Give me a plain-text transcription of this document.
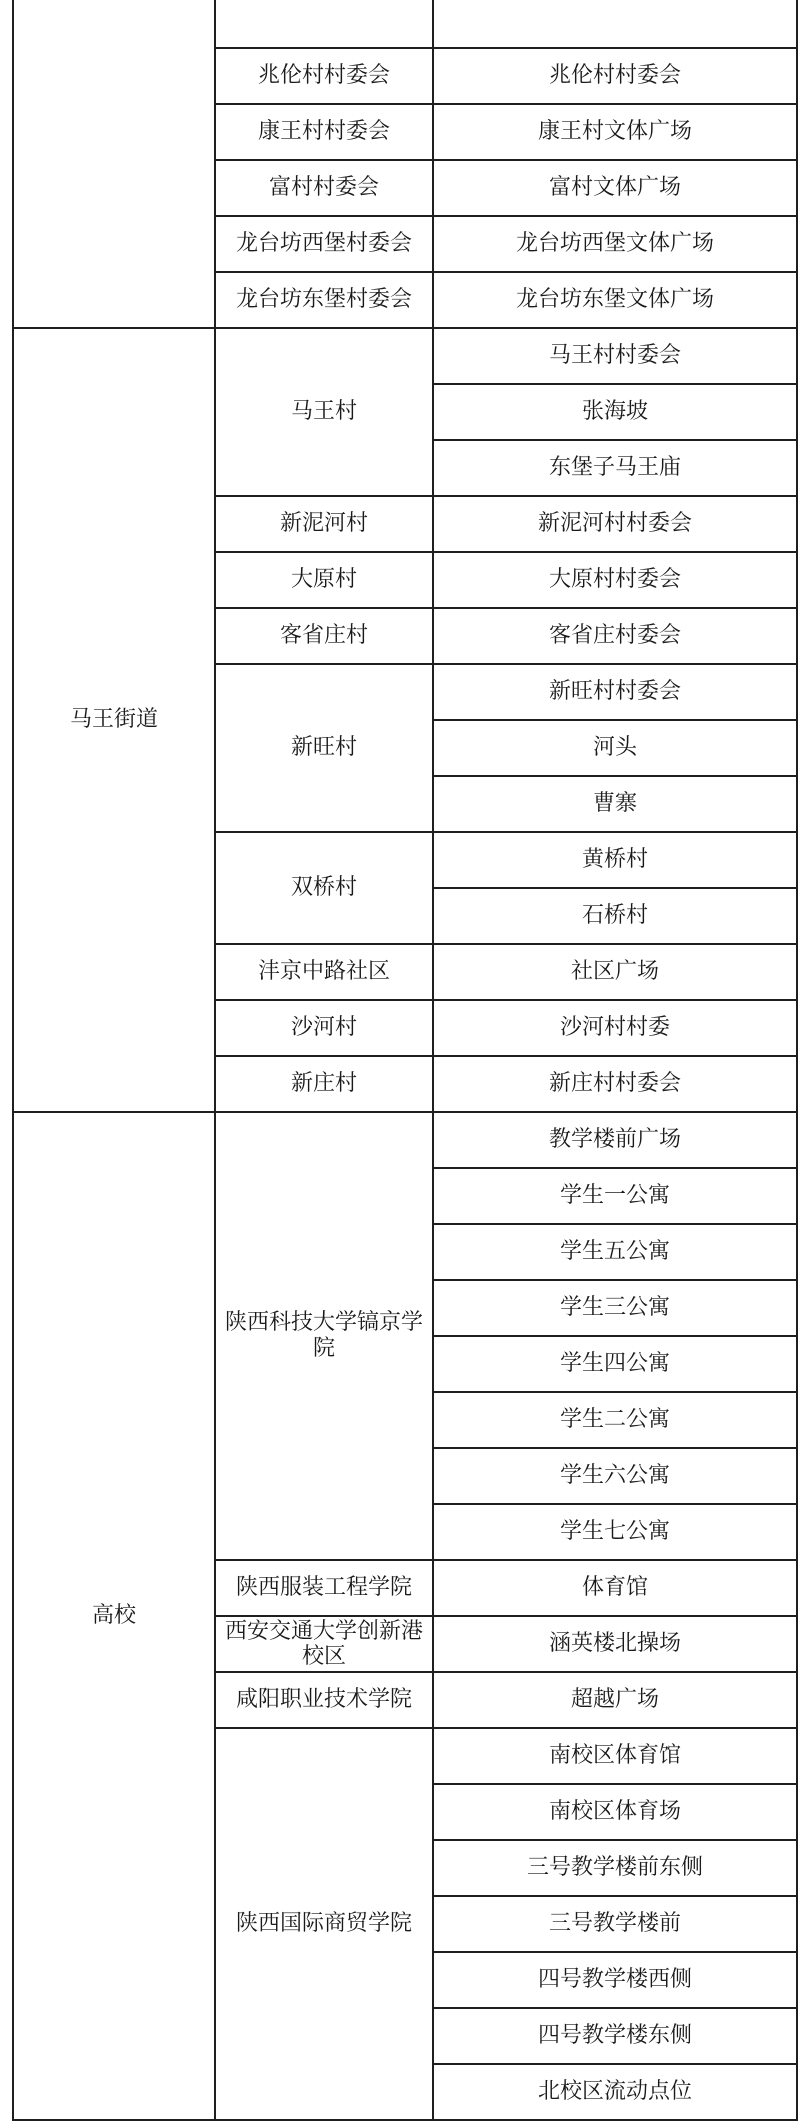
	兆伦村村委会	兆伦村村委会
	康王村村委会	康王村文体广场
	富村村委会	富村文体广场
	龙台坊西堡村委会	龙台坊西堡文体广场
	龙台坊东堡村委会	龙台坊东堡文体广场
马王街道	马王村	马王村村委会
		张海坡
		东堡子马王庙
	新泥河村	新泥河村村委会
	大原村	大原村村委会
	客省庄村	客省庄村委会
	新旺村	新旺村村委会
		河头
		曹寨
	双桥村	黄桥村
		石桥村
	沣京中路社区	社区广场
	沙河村	沙河村村委
	新庄村	新庄村村委会
高校	陕西科技大学镐京学院	教学楼前广场
		学生一公寓
		学生五公寓
		学生三公寓
		学生四公寓
		学生二公寓
		学生六公寓
		学生七公寓
	陕西服装工程学院	体育馆
	西安交通大学创新港校区	涵英楼北操场
	咸阳职业技术学院	超越广场
	陕西国际商贸学院	南校区体育馆
		南校区体育场
		三号教学楼前东侧
		三号教学楼前
		四号教学楼西侧
		四号教学楼东侧
		北校区流动点位
